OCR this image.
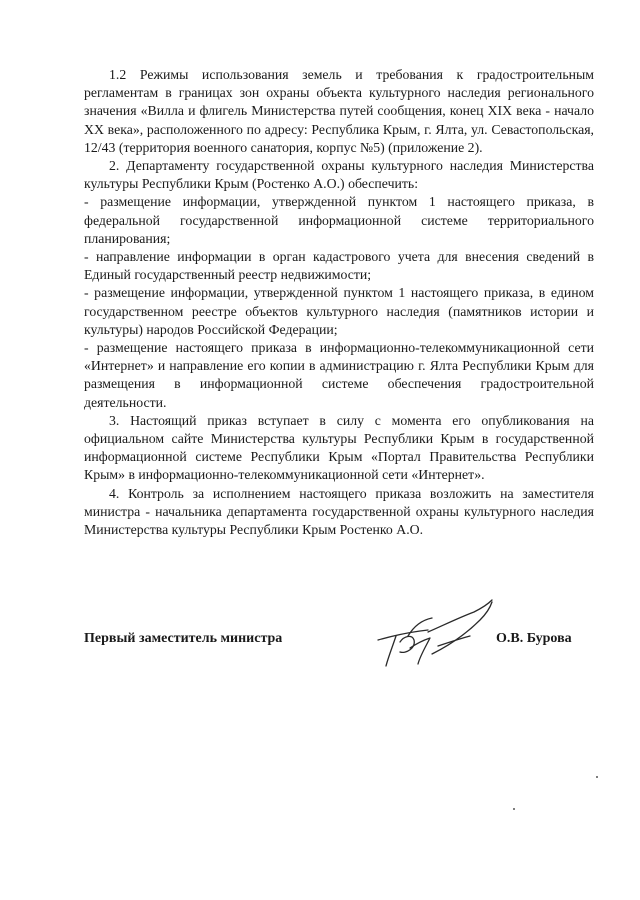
1.2 Режимы использования земель и требования к градостроительным регламентам в границах зон охраны объекта культурного наследия регионального значения «Вилла и флигель Министерства путей сообщения, конец XIX века - начало XX века», расположенного по адресу: Республика Крым, г. Ялта, ул. Севастопольская, 12/43 (территория военного санатория, корпус №5) (приложение 2).

2. Департаменту государственной охраны культурного наследия Министерства культуры Республики Крым (Ростенко А.О.) обеспечить:

- размещение информации, утвержденной пунктом 1 настоящего приказа, в федеральной государственной информационной системе территориального планирования;

- направление информации в орган кадастрового учета для внесения сведений в Единый государственный реестр недвижимости;

- размещение информации, утвержденной пунктом 1 настоящего приказа, в едином государственном реестре объектов культурного наследия (памятников истории и культуры) народов Российской Федерации;

- размещение настоящего приказа в информационно-телекоммуникационной сети «Интернет» и направление его копии в администрацию г. Ялта Республики Крым для размещения в информационной системе обеспечения градостроительной деятельности.

3. Настоящий приказ вступает в силу с момента его опубликования на официальном сайте Министерства культуры Республики Крым в государственной информационной системе Республики Крым «Портал Правительства Республики Крым» в информационно-телекоммуникационной сети «Интернет».

4. Контроль за исполнением настоящего приказа возложить на заместителя министра - начальника департамента государственной охраны культурного наследия Министерства культуры Республики Крым Ростенко А.О.

Первый заместитель министра	О.В. Бурова
